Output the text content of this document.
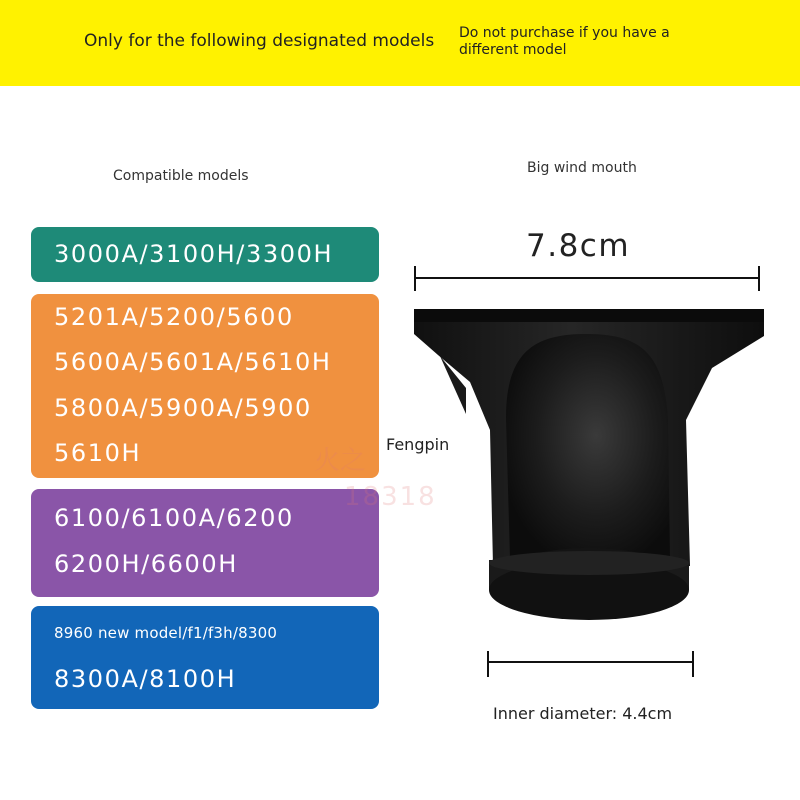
Only for the following designated models Do not purchase if you have a different model
Compatible models
3000A/3100H/3300H
5201A/5200/5600
5600A/5601A/5610H
5800A/5900A/5900
5610H
6100/6100A/6200
6200H/6600H
8960 new model/f1/f3h/8300
8300A/8100H
火之
18318
Big wind mouth
7.8cm
Fengpin
Inner diameter: 4.4cm
